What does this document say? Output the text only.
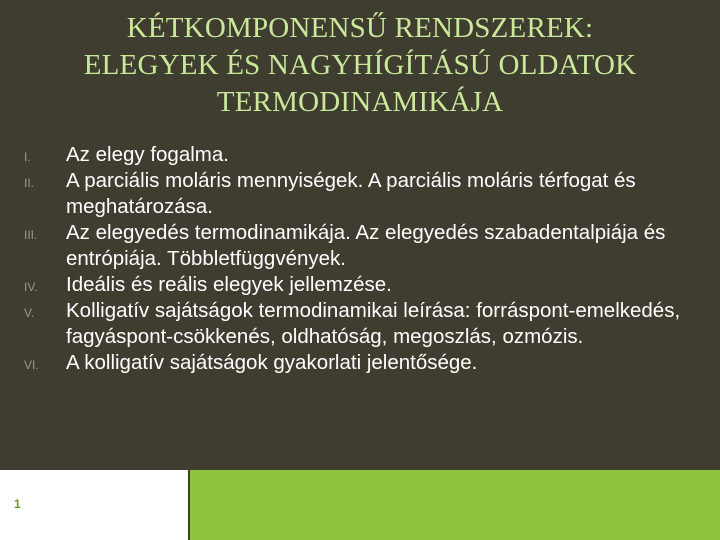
KÉTKOMPONENSŰ RENDSZEREK:
ELEGYEK ÉS NAGYHÍGÍTÁSÚ OLDATOK
TERMODINAMIKÁJA
I. Az elegy fogalma.
II. A parciális moláris mennyiségek. A parciális moláris térfogat és meghatározása.
III. Az elegyedés termodinamikája. Az elegyedés szabadentalpiája és entrópiája. Többletfüggvények.
IV. Ideális és reális elegyek jellemzése.
V. Kolligatív sajátságok termodinamikai leírása: forráspont-emelkedés, fagyáspont-csökkenés, oldhatóság, megoszlás, ozmózis.
VI. A kolligatív sajátságok gyakorlati jelentősége.
1
